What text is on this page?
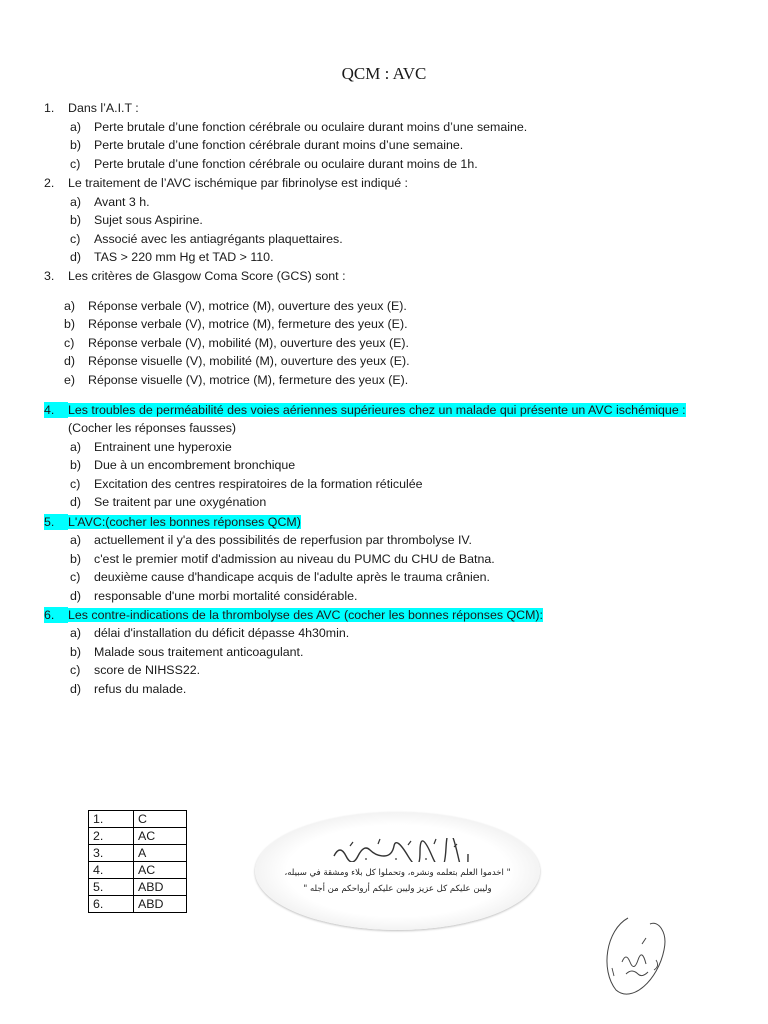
QCM : AVC
1. Dans l’A.I.T :
a) Perte brutale d’une fonction cérébrale ou oculaire durant moins d’une semaine.
b) Perte brutale d’une fonction cérébrale durant moins d’une semaine.
c) Perte brutale d’une fonction cérébrale ou oculaire durant moins de 1h.
2. Le traitement de l’AVC ischémique par fibrinolyse est indiqué :
a) Avant 3 h.
b) Sujet sous Aspirine.
c) Associé avec les antiagrégants plaquettaires.
d) TAS > 220 mm Hg et TAD > 110.
3. Les critères de Glasgow Coma Score (GCS) sont :
a) Réponse verbale (V), motrice (M), ouverture des yeux (E).
b) Réponse verbale (V), motrice (M), fermeture des yeux (E).
c) Réponse verbale (V), mobilité (M), ouverture des yeux (E).
d) Réponse visuelle (V), mobilité (M), ouverture des yeux (E).
e) Réponse visuelle (V), motrice (M), fermeture des yeux (E).
4. Les troubles de perméabilité des voies aériennes supérieures chez un malade qui présente un AVC ischémique :
(Cocher les réponses fausses)
a) Entrainent une hyperoxie
b) Due à un encombrement bronchique
c) Excitation des centres respiratoires de la formation réticulée
d) Se traitent par une oxygénation
5. L'AVC:(cocher les bonnes réponses QCM)
a) actuellement il y'a des possibilités de reperfusion par thrombolyse IV.
b) c'est le premier motif d'admission au niveau du PUMC du CHU de Batna.
c) deuxième cause d'handicape acquis de l'adulte après le trauma crânien.
d) responsable d'une morbi mortalité considérable.
6. Les contre-indications de la thrombolyse des AVC (cocher les bonnes réponses QCM):
a) délai d'installation du déficit dépasse 4h30min.
b) Malade sous traitement anticoagulant.
c) score de NIHSS22.
d) refus du malade.
1.	C
2.	AC
3.	A
4.	AC
5.	ABD
6.	ABD
" اخدموا العلم بتعلمه ونشره، وتحملوا كل بلاء ومشقة في سبيله،
وليبن عليكم كل عزيز وليبن عليكم أرواحكم من أجله "
